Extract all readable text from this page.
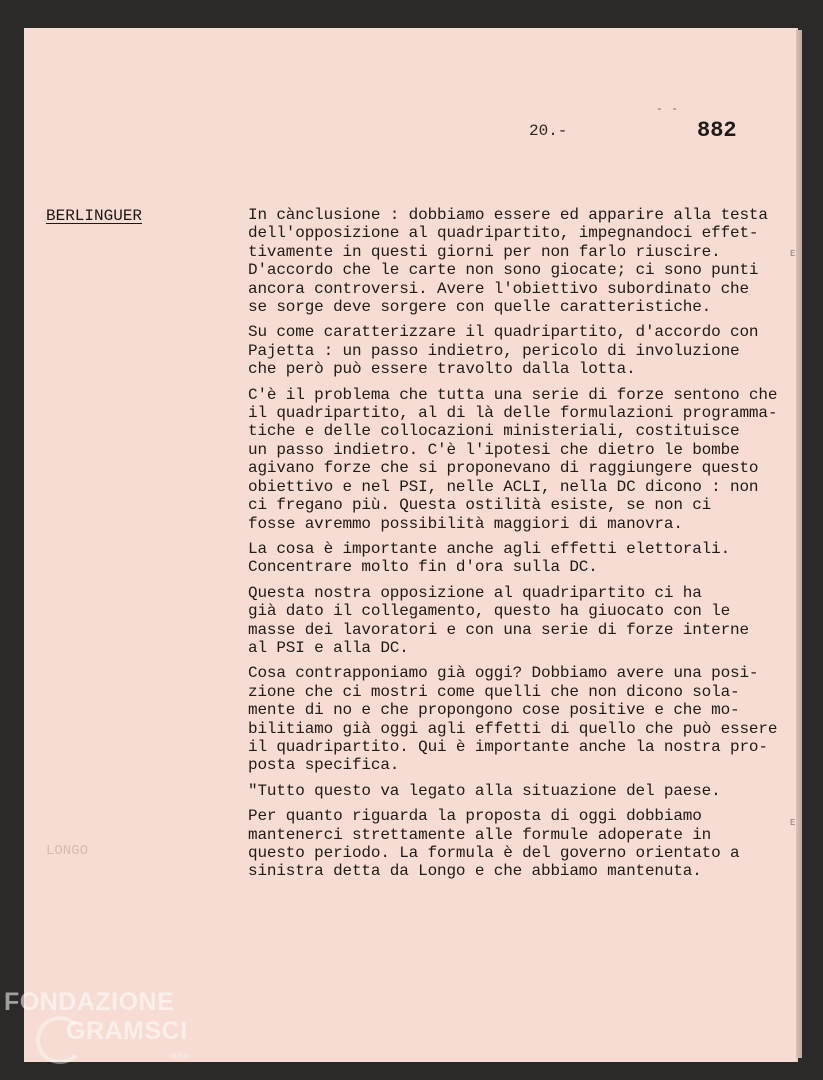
- -
20.-	882
BERLINGUER
LONGO
E
E
In cànclusione : dobbiamo essere ed apparire alla testa
dell'opposizione al quadripartito, impegnandoci effet-
tivamente in questi giorni per non farlo riuscire.
D'accordo che le carte non sono giocate; ci sono punti
ancora controversi. Avere l'obiettivo subordinato che
se sorge deve sorgere con quelle caratteristiche.
Su come caratterizzare il quadripartito, d'accordo con
Pajetta : un passo indietro, pericolo di involuzione
che però può essere travolto dalla lotta.
C'è il problema che tutta una serie di forze sentono che
il quadripartito, al di là delle formulazioni programma-
tiche e delle collocazioni ministeriali, costituisce
un passo indietro. C'è l'ipotesi che dietro le bombe
agivano forze che si proponevano di raggiungere questo
obiettivo e nel PSI, nelle ACLI, nella DC dicono : non
ci fregano più. Questa ostilità esiste, se non ci
fosse avremmo possibilità maggiori di manovra.
La cosa è importante anche agli effetti elettorali.
Concentrare molto fin d'ora sulla DC.
Questa nostra opposizione al quadripartito ci ha
già dato il collegamento, questo ha giuocato con le
masse dei lavoratori e con una serie di forze interne
al PSI e alla DC.
Cosa contrapponiamo già oggi? Dobbiamo avere una posi-
zione che ci mostri come quelli che non dicono sola-
mente di no e che propongono cose positive e che mo-
bilitiamo già oggi agli effetti di quello che può essere
il quadripartito. Qui è importante anche la nostra pro-
posta specifica.
"Tutto questo va legato alla situazione del paese.
Per quanto riguarda la proposta di oggi dobbiamo
mantenerci strettamente alle formule adoperate in
questo periodo. La formula è del governo orientato a
sinistra detta da Longo e che abbiamo mantenuta.
FONDAZIONE
GRAMSCI
onlus
